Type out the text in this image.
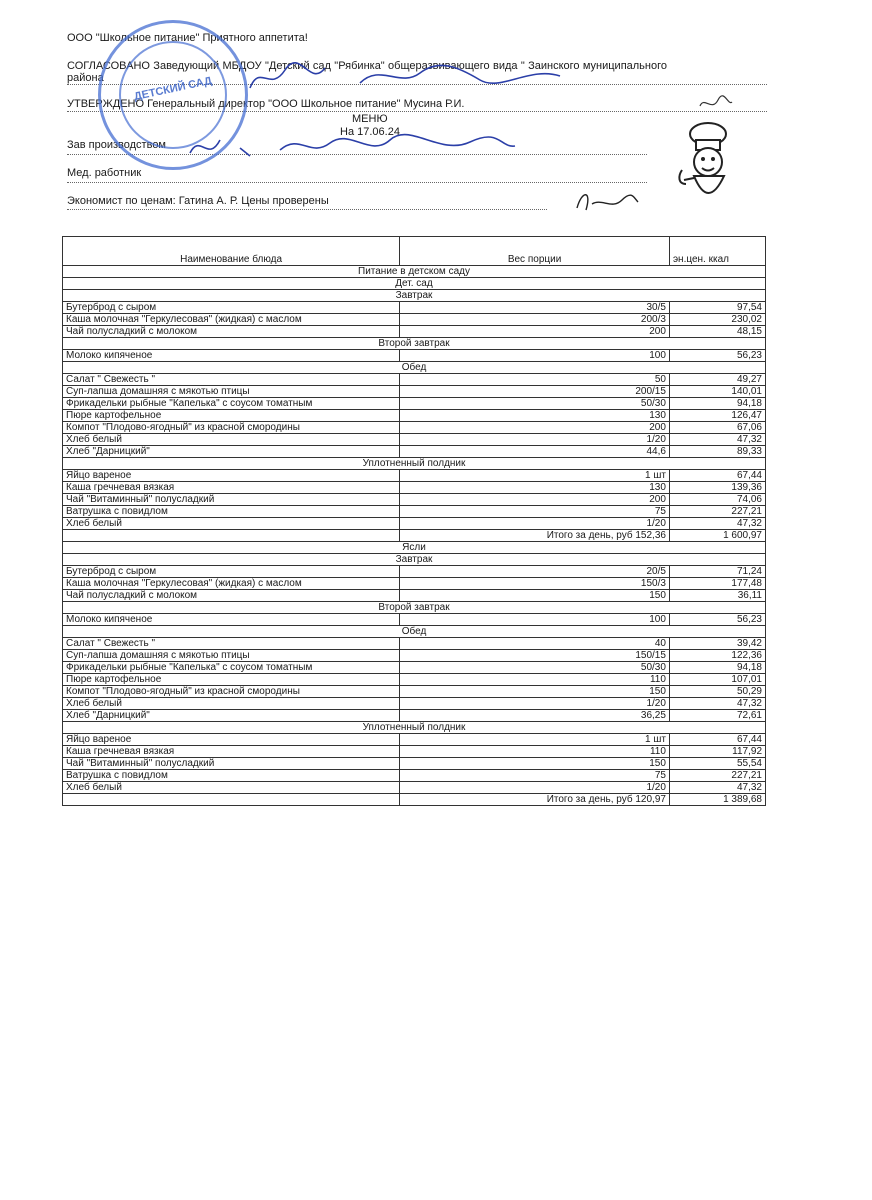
ООО "Школьное питание" Приятного аппетита!
СОГЛАСОВАНО Заведующий МБДОУ "Детский сад "Рябинка" общеразвивающего вида " Заинского муниципального района
УТВЕРЖДЕНО Генеральный директор "ООО Школьное питание" Мусина Р.И.
МЕНЮ
На 17.06.24
Зав производством
Мед. работник
Экономист по ценам: Гатина А. Р. Цены проверены
ДЕТСКИЙ САД
Наименование блюда	Вес порции	эн.цен. ккал
Питание в детском саду		
Дет. сад		
Завтрак		
Бутерброд с сыром	30/5	97,54
Каша молочная "Геркулесовая" (жидкая) с маслом	200/3	230,02
Чай полусладкий с молоком	200	48,15
Второй завтрак		
Молоко кипяченое	100	56,23
Обед		
Салат " Свежесть "	50	49,27
Суп-лапша домашняя с мякотью птицы	200/15	140,01
Фрикадельки рыбные "Капелька" с соусом томатным	50/30	94,18
Пюре картофельное	130	126,47
Компот "Плодово-ягодный" из красной смородины	200	67,06
Хлеб белый	1/20	47,32
Хлеб "Дарницкий"	44,6	89,33
Уплотненный полдник		
Яйцо вареное	1 шт	67,44
Каша гречневая вязкая	130	139,36
Чай "Витаминный" полусладкий	200	74,06
Ватрушка с повидлом	75	227,21
Хлеб белый	1/20	47,32
	Итого за день, руб 152,36	1 600,97
Ясли		
Завтрак		
Бутерброд с сыром	20/5	71,24
Каша молочная "Геркулесовая" (жидкая) с маслом	150/3	177,48
Чай полусладкий с молоком	150	36,11
Второй завтрак		
Молоко кипяченое	100	56,23
Обед		
Салат " Свежесть "	40	39,42
Суп-лапша домашняя с мякотью птицы	150/15	122,36
Фрикадельки рыбные "Капелька" с соусом томатным	50/30	94,18
Пюре картофельное	110	107,01
Компот "Плодово-ягодный" из красной смородины	150	50,29
Хлеб белый	1/20	47,32
Хлеб "Дарницкий"	36,25	72,61
Уплотненный полдник		
Яйцо вареное	1 шт	67,44
Каша гречневая вязкая	110	117,92
Чай "Витаминный" полусладкий	150	55,54
Ватрушка с повидлом	75	227,21
Хлеб белый	1/20	47,32
	Итого за день, руб 120,97	1 389,68
